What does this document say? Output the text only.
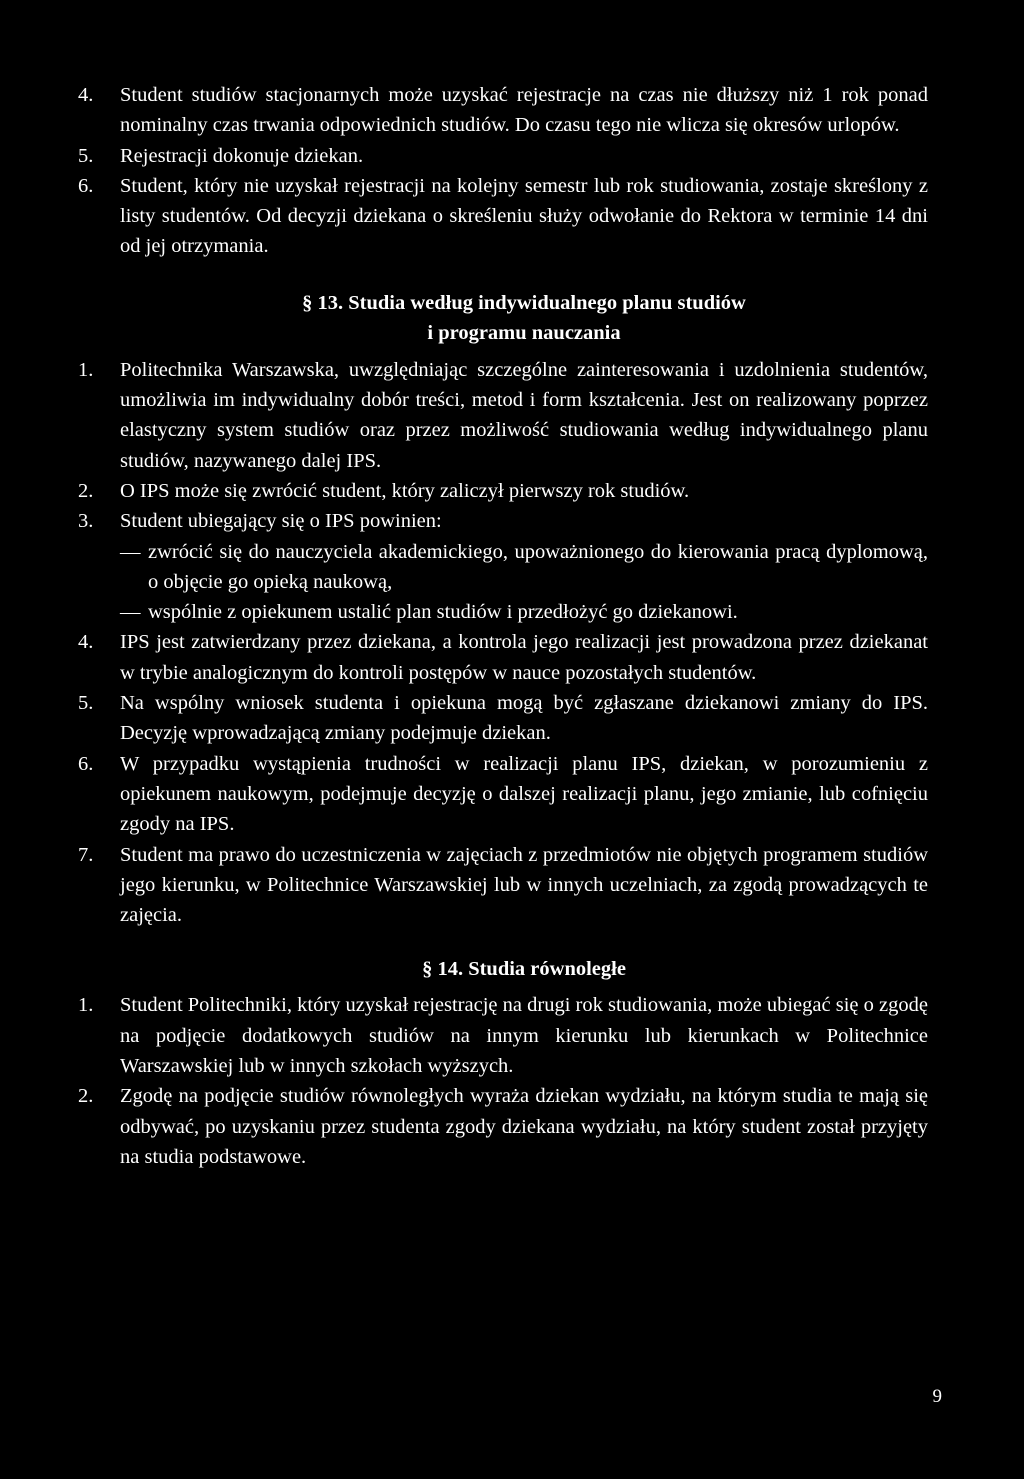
4. Student studiów stacjonarnych może uzyskać rejestracje na czas nie dłuższy niż 1 rok ponad nominalny czas trwania odpowiednich studiów. Do czasu tego nie wlicza się okresów urlopów.
5. Rejestracji dokonuje dziekan.
6. Student, który nie uzyskał rejestracji na kolejny semestr lub rok studiowania, zostaje skreślony z listy studentów. Od decyzji dziekana o skreśleniu służy odwołanie do Rektora w terminie 14 dni od jej otrzymania.
§ 13. Studia według indywidualnego planu studiów
i programu nauczania
1. Politechnika Warszawska, uwzględniając szczególne zainteresowania i uzdolnienia studentów, umożliwia im indywidualny dobór treści, metod i form kształcenia. Jest on realizowany poprzez elastyczny system studiów oraz przez możliwość studiowania według indywidualnego planu studiów, nazywanego dalej IPS.
2. O IPS może się zwrócić student, który zaliczył pierwszy rok studiów.
3. Student ubiegający się o IPS powinien:
— zwrócić się do nauczyciela akademickiego, upoważnionego do kierowania pracą dyplomową, o objęcie go opieką naukową,
— wspólnie z opiekunem ustalić plan studiów i przedłożyć go dziekanowi.
4. IPS jest zatwierdzany przez dziekana, a kontrola jego realizacji jest prowadzona przez dziekanat w trybie analogicznym do kontroli postępów w nauce pozostałych studentów.
5. Na wspólny wniosek studenta i opiekuna mogą być zgłaszane dziekanowi zmiany do IPS. Decyzję wprowadzającą zmiany podejmuje dziekan.
6. W przypadku wystąpienia trudności w realizacji planu IPS, dziekan, w porozumieniu z opiekunem naukowym, podejmuje decyzję o dalszej realizacji planu, jego zmianie, lub cofnięciu zgody na IPS.
7. Student ma prawo do uczestniczenia w zajęciach z przedmiotów nie objętych programem studiów jego kierunku, w Politechnice Warszawskiej lub w innych uczelniach, za zgodą prowadzących te zajęcia.
§ 14. Studia równoległe
1. Student Politechniki, który uzyskał rejestrację na drugi rok studiowania, może ubiegać się o zgodę na podjęcie dodatkowych studiów na innym kierunku lub kierunkach w Politechnice Warszawskiej lub w innych szkołach wyższych.
2. Zgodę na podjęcie studiów równoległych wyraża dziekan wydziału, na którym studia te mają się odbywać, po uzyskaniu przez studenta zgody dziekana wydziału, na który student został przyjęty na studia podstawowe.
9
